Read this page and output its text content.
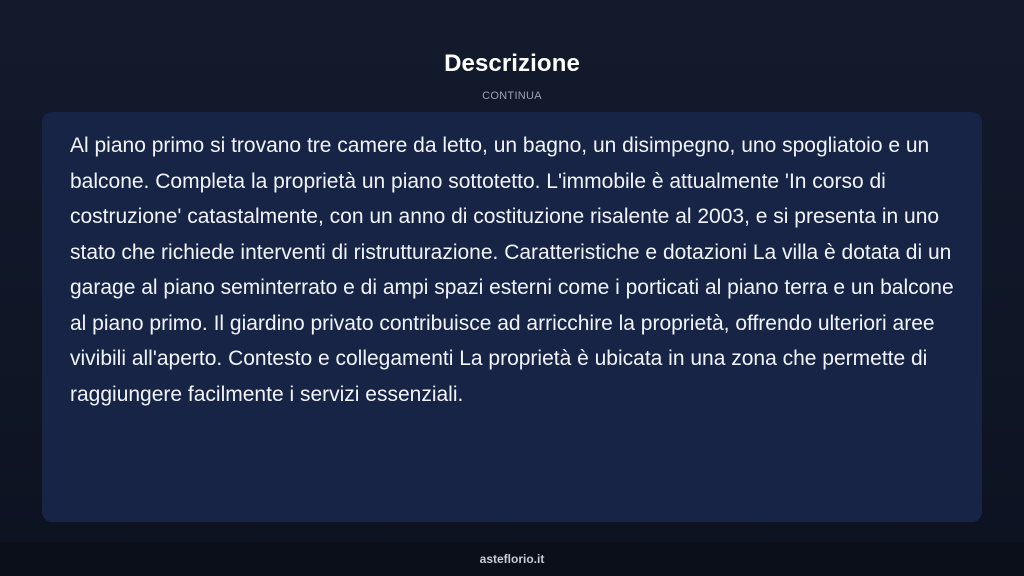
Descrizione
CONTINUA

Al piano primo si trovano tre camere da letto, un bagno, un disimpegno, uno spogliatoio e un balcone. Completa la proprietà un piano sottotetto. L'immobile è attualmente 'In corso di costruzione' catastalmente, con un anno di costituzione risalente al 2003, e si presenta in uno stato che richiede interventi di ristrutturazione. Caratteristiche e dotazioni La villa è dotata di un garage al piano seminterrato e di ampi spazi esterni come i porticati al piano terra e un balcone al piano primo. Il giardino privato contribuisce ad arricchire la proprietà, offrendo ulteriori aree vivibili all'aperto. Contesto e collegamenti La proprietà è ubicata in una zona che permette di raggiungere facilmente i servizi essenziali.

asteflorio.it
